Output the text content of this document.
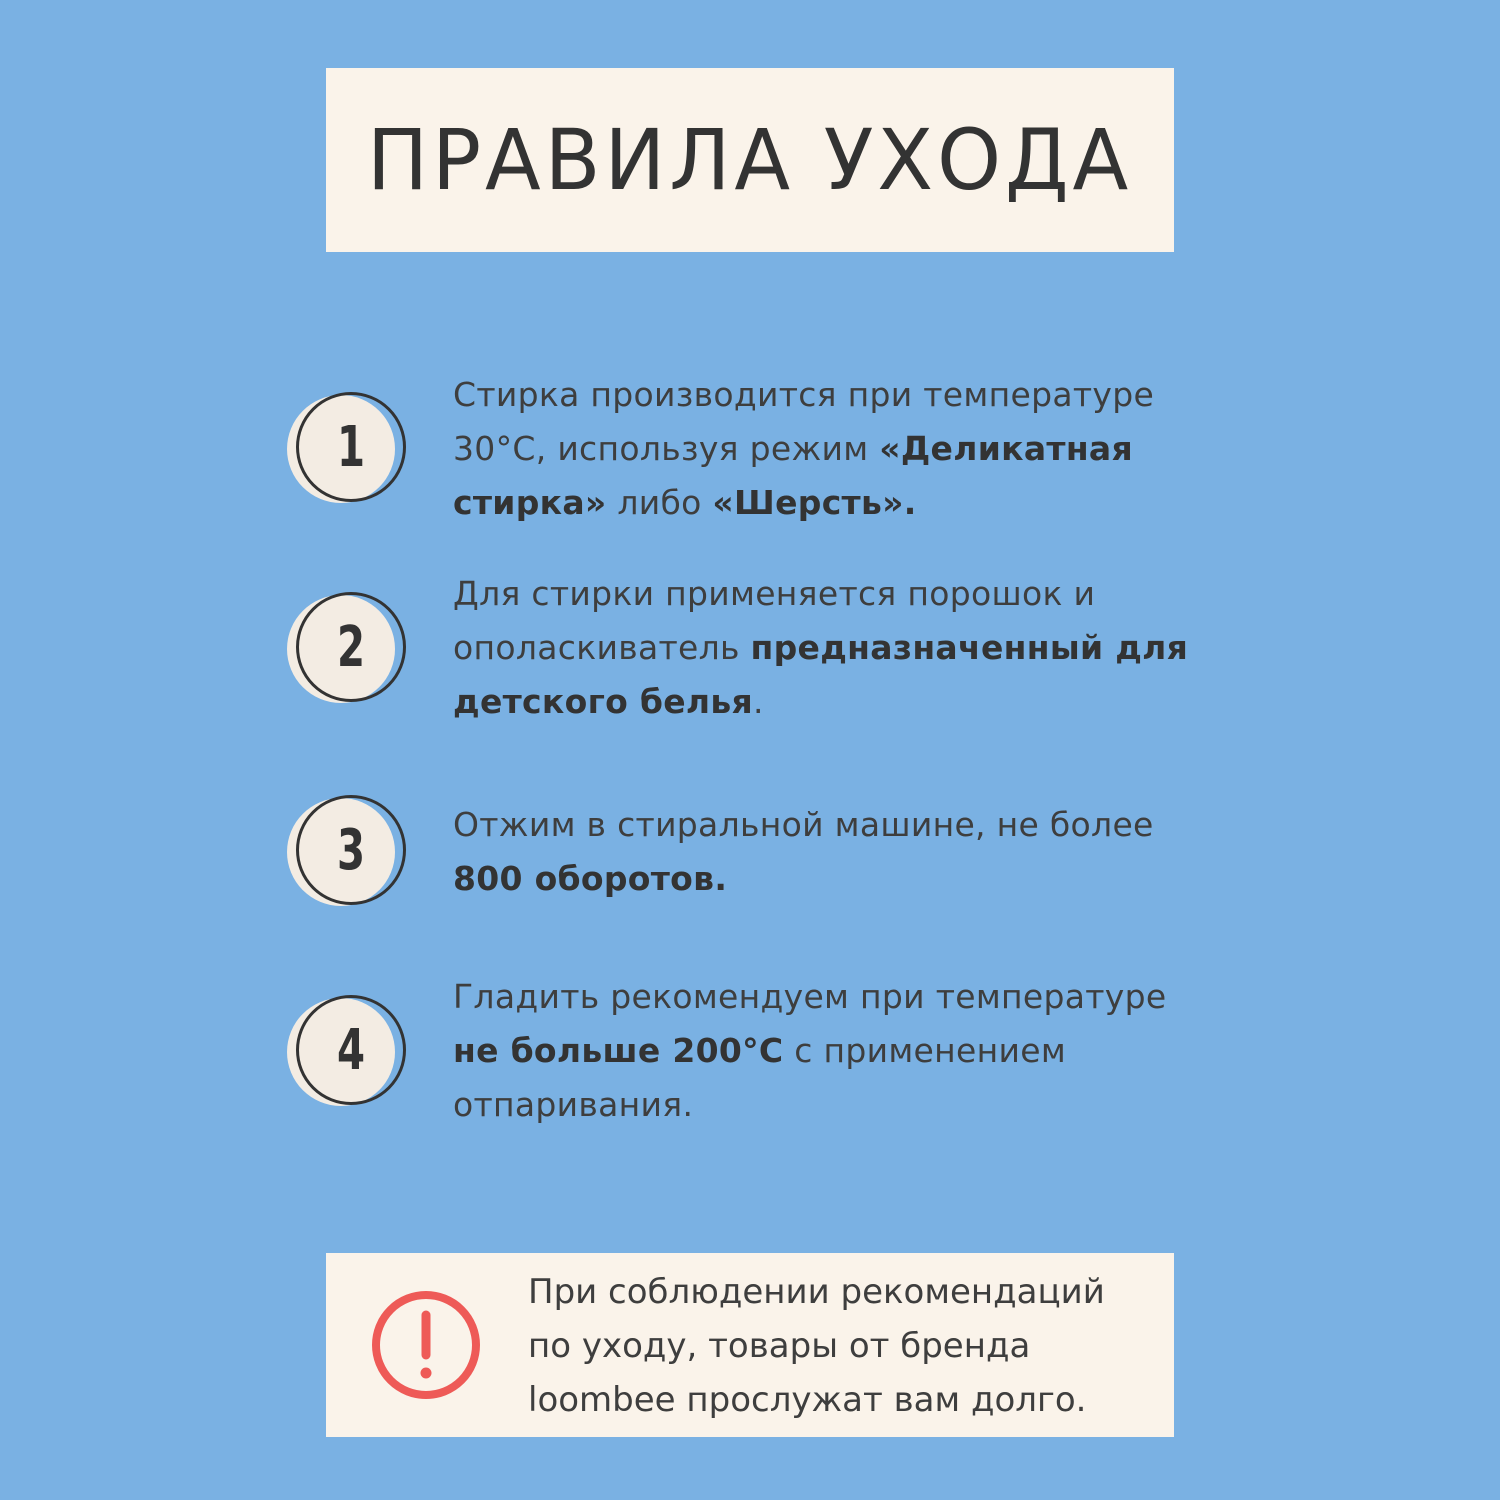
ПРАВИЛА УХОДА
1
Стирка производится при температуре
30°С, используя режим «Деликатная
стирка» либо «Шерсть».
2
Для стирки применяется порошок и
ополаскиватель предназначенный для
детского белья.
3	Отжим в стиральной машине, не более
800 оборотов.
4
Гладить рекомендуем при температуре
не больше 200°С с применением
отпаривания.
При соблюдении рекомендаций
по уходу, товары от бренда
loombee прослужат вам долго.
